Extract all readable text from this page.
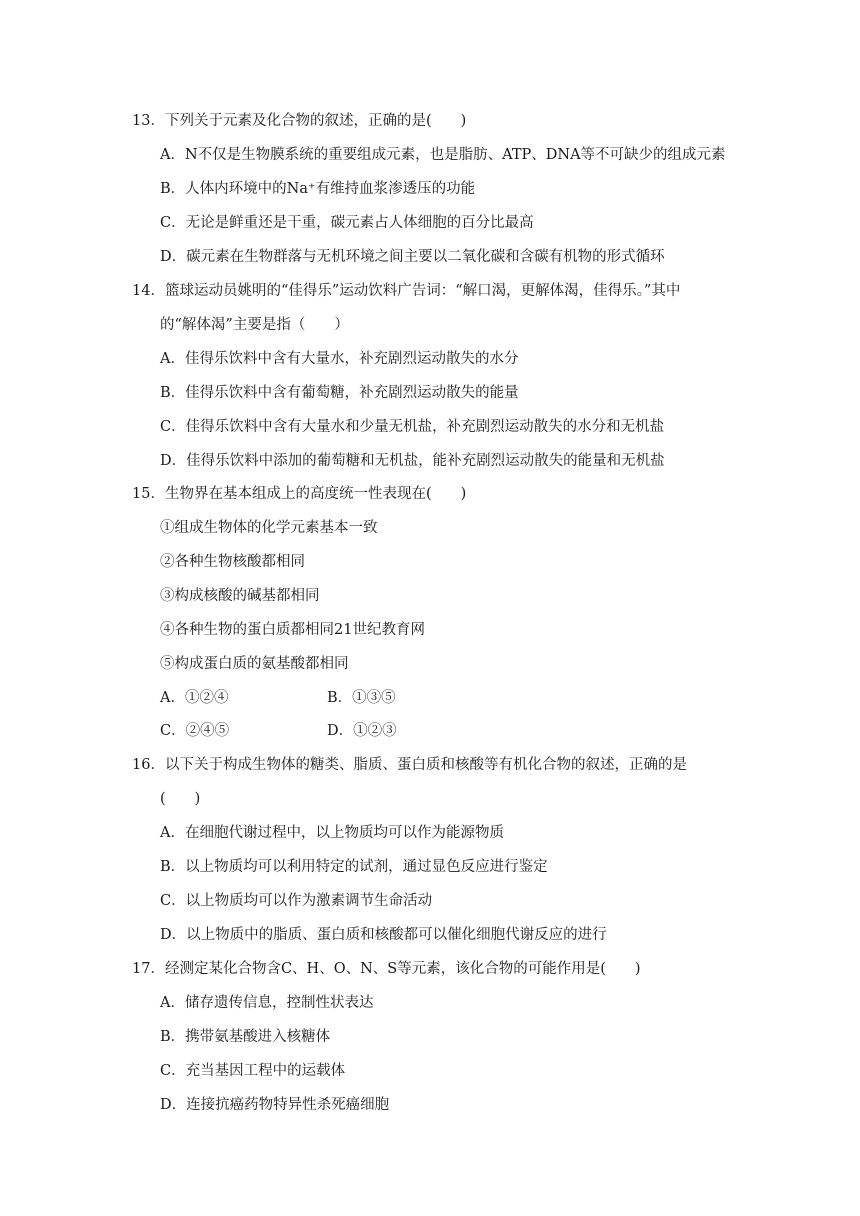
13．下列关于元素及化合物的叙述，正确的是(　　)
A．N不仅是生物膜系统的重要组成元素，也是脂肪、ATP、DNA等不可缺少的组成元素
B．人体内环境中的Na⁺有维持血浆渗透压的功能
C．无论是鲜重还是干重，碳元素占人体细胞的百分比最高
D．碳元素在生物群落与无机环境之间主要以二氧化碳和含碳有机物的形式循环
14．篮球运动员姚明的“佳得乐”运动饮料广告词：“解口渴，更解体渴，佳得乐。”其中
的“解体渴”主要是指（　　）
A．佳得乐饮料中含有大量水，补充剧烈运动散失的水分
B．佳得乐饮料中含有葡萄糖，补充剧烈运动散失的能量
C．佳得乐饮料中含有大量水和少量无机盐，补充剧烈运动散失的水分和无机盐
D．佳得乐饮料中添加的葡萄糖和无机盐，能补充剧烈运动散失的能量和无机盐
15．生物界在基本组成上的高度统一性表现在(　　)
①组成生物体的化学元素基本一致
②各种生物核酸都相同
③构成核酸的碱基都相同
④各种生物的蛋白质都相同21世纪教育网
⑤构成蛋白质的氨基酸都相同
A．①②④	B．①③⑤
C．②④⑤	D．①②③
16．以下关于构成生物体的糖类、脂质、蛋白质和核酸等有机化合物的叙述，正确的是
(　　)
A．在细胞代谢过程中，以上物质均可以作为能源物质
B．以上物质均可以利用特定的试剂，通过显色反应进行鉴定
C．以上物质均可以作为激素调节生命活动
D．以上物质中的脂质、蛋白质和核酸都可以催化细胞代谢反应的进行
17．经测定某化合物含C、H、O、N、S等元素，该化合物的可能作用是(　　)
A．储存遗传信息，控制性状表达
B．携带氨基酸进入核糖体
C．充当基因工程中的运载体
D．连接抗癌药物特异性杀死癌细胞
